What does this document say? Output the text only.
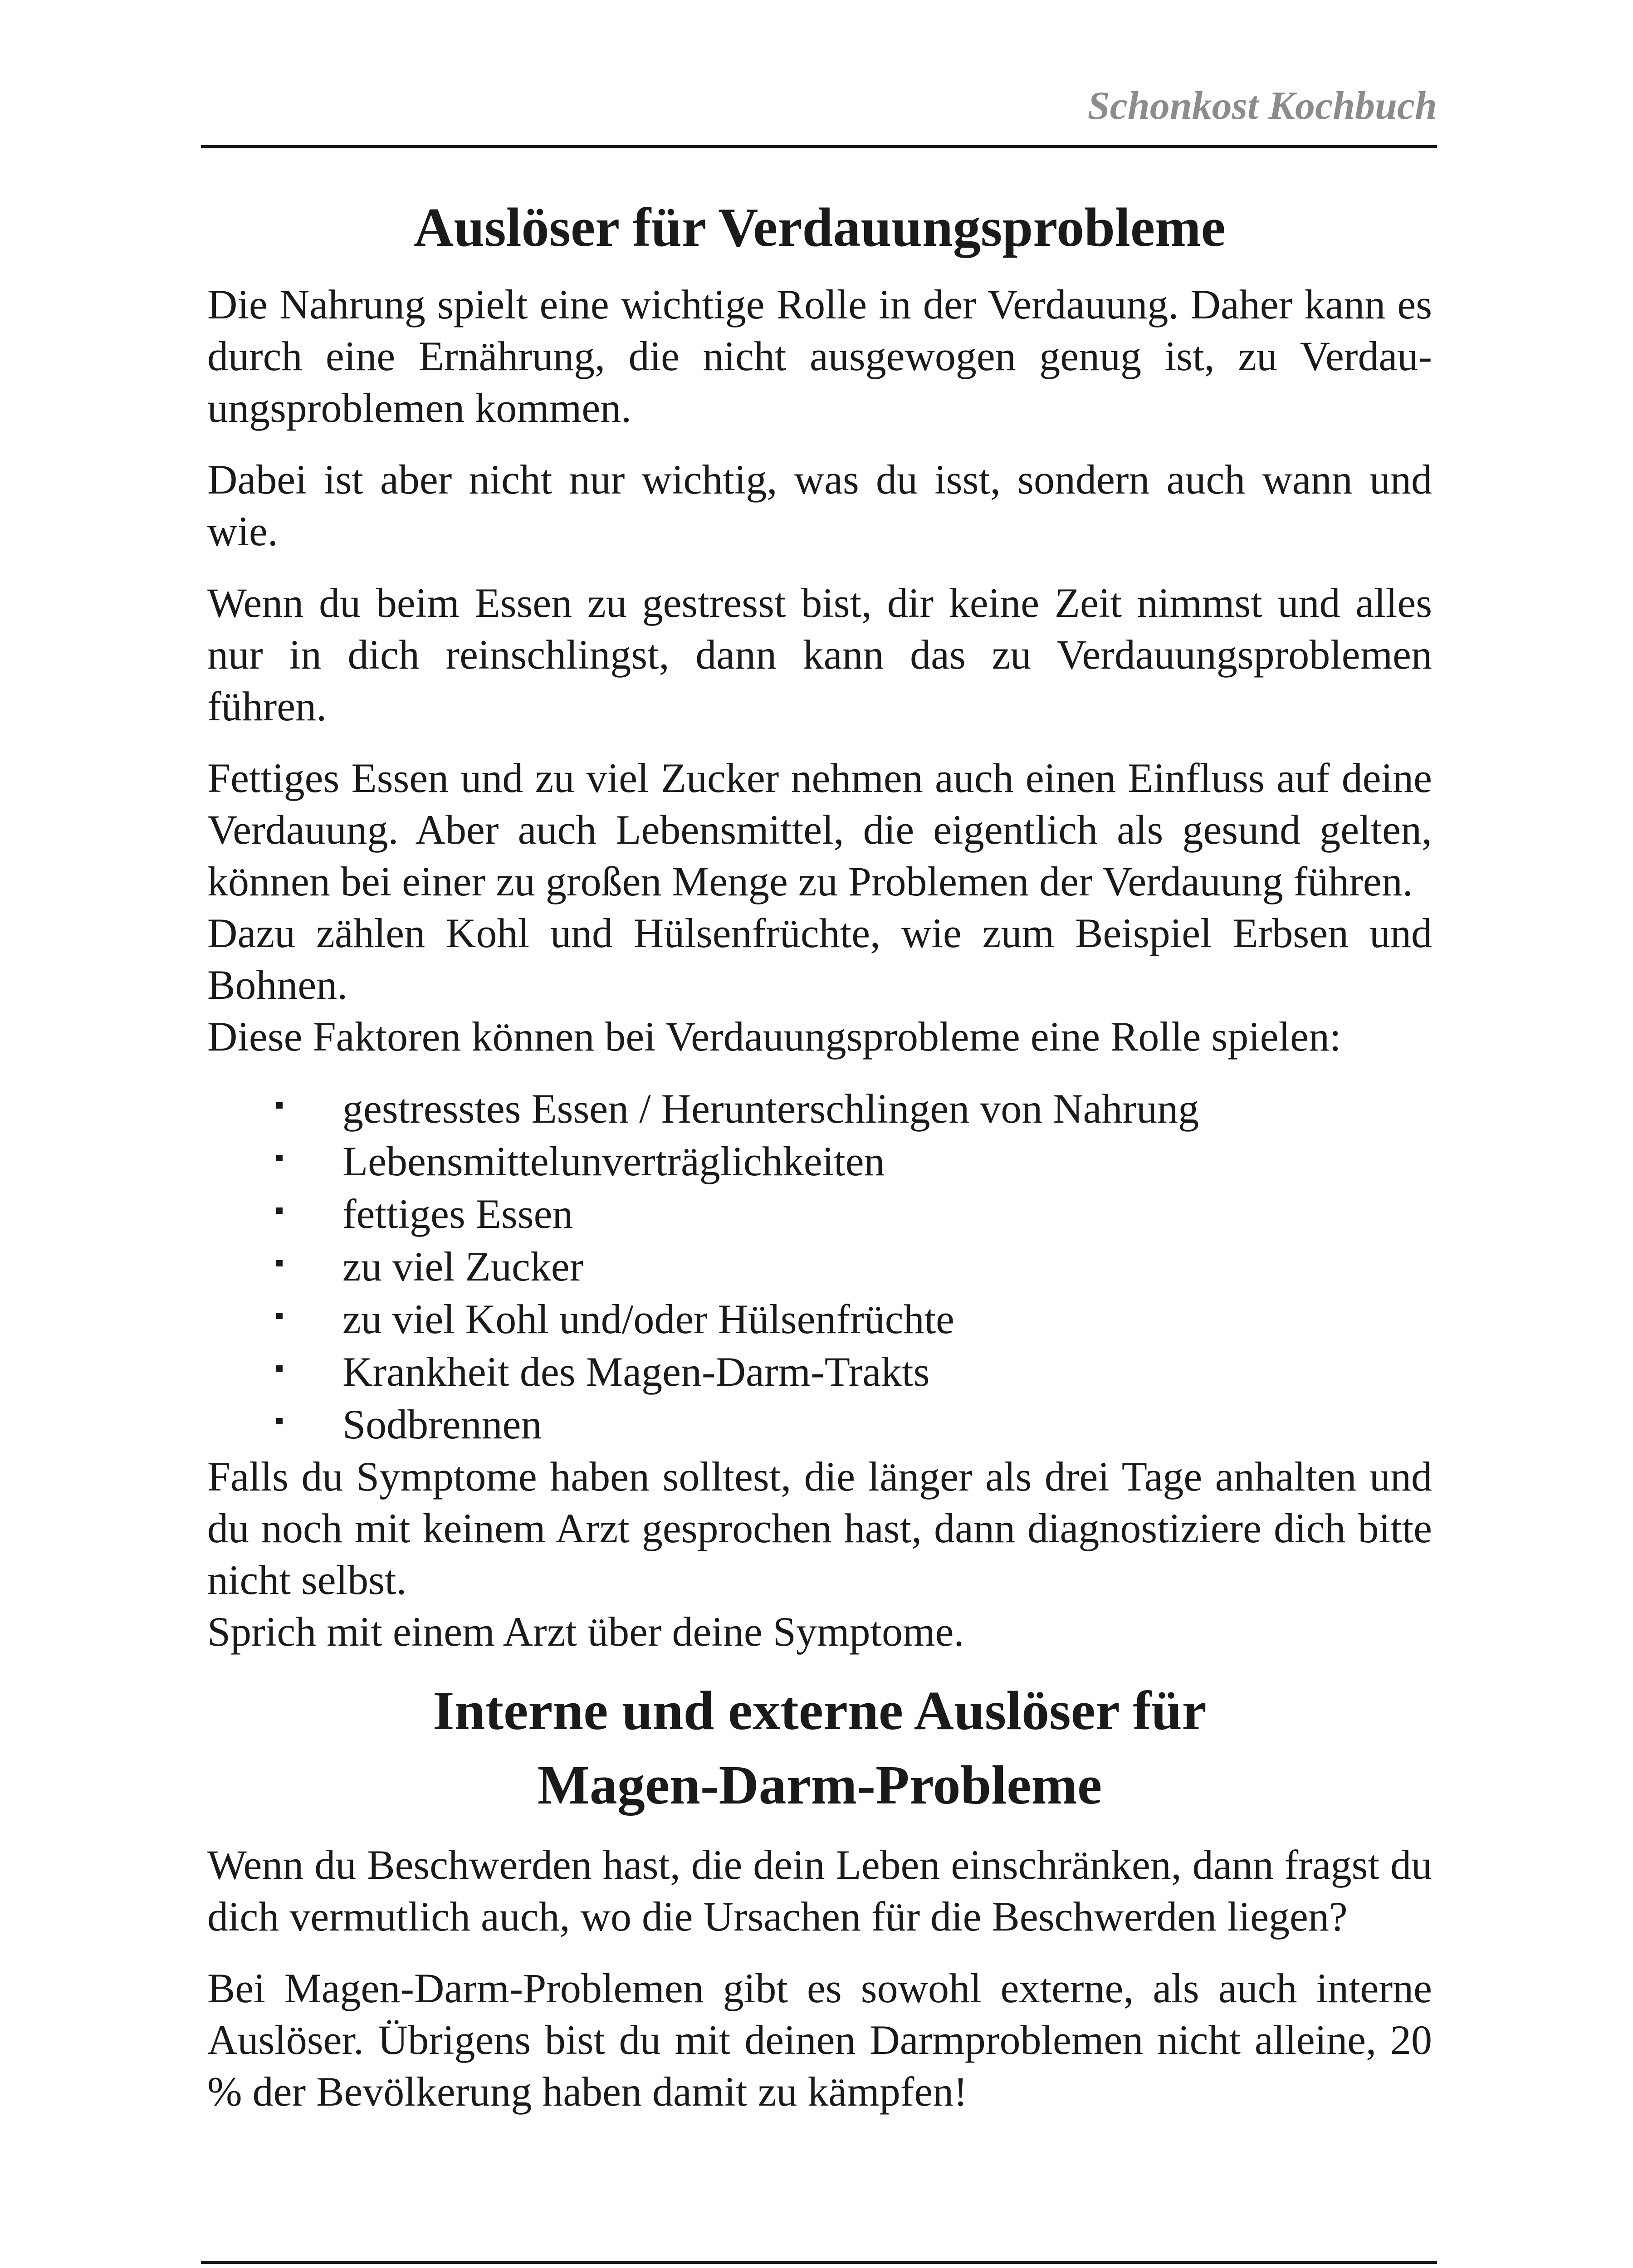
Schonkost Kochbuch
Auslöser für Verdauungsprobleme

Die Nahrung spielt eine wichtige Rolle in der Verdauung. Daher kann es durch eine Ernährung, die nicht ausgewogen genug ist, zu Verdauungsproblemen kommen.

Dabei ist aber nicht nur wichtig, was du isst, sondern auch wann und wie.

Wenn du beim Essen zu gestresst bist, dir keine Zeit nimmst und alles nur in dich reinschlingst, dann kann das zu Verdauungsproblemen führen.

Fettiges Essen und zu viel Zucker nehmen auch einen Einfluss auf deine Verdauung. Aber auch Lebensmittel, die eigentlich als gesund gelten, können bei einer zu großen Menge zu Problemen der Verdauung führen.

Dazu zählen Kohl und Hülsenfrüchte, wie zum Beispiel Erbsen und Bohnen.

Diese Faktoren können bei Verdauungsprobleme eine Rolle spielen:

gestresstes Essen / Herunterschlingen von Nahrung
Lebensmittelunverträglichkeiten
fettiges Essen
zu viel Zucker
zu viel Kohl und/oder Hülsenfrüchte
Krankheit des Magen-Darm-Trakts
Sodbrennen

Falls du Symptome haben solltest, die länger als drei Tage anhalten und du noch mit keinem Arzt gesprochen hast, dann diagnostiziere dich bitte nicht selbst.

Sprich mit einem Arzt über deine Symptome.

Interne und externe Auslöser für
Magen-Darm-Probleme

Wenn du Beschwerden hast, die dein Leben einschränken, dann fragst du dich vermutlich auch, wo die Ursachen für die Beschwerden liegen?

Bei Magen-Darm-Problemen gibt es sowohl externe, als auch interne Auslöser. Übrigens bist du mit deinen Darmproblemen nicht alleine, 20 % der Bevölkerung haben damit zu kämpfen!
